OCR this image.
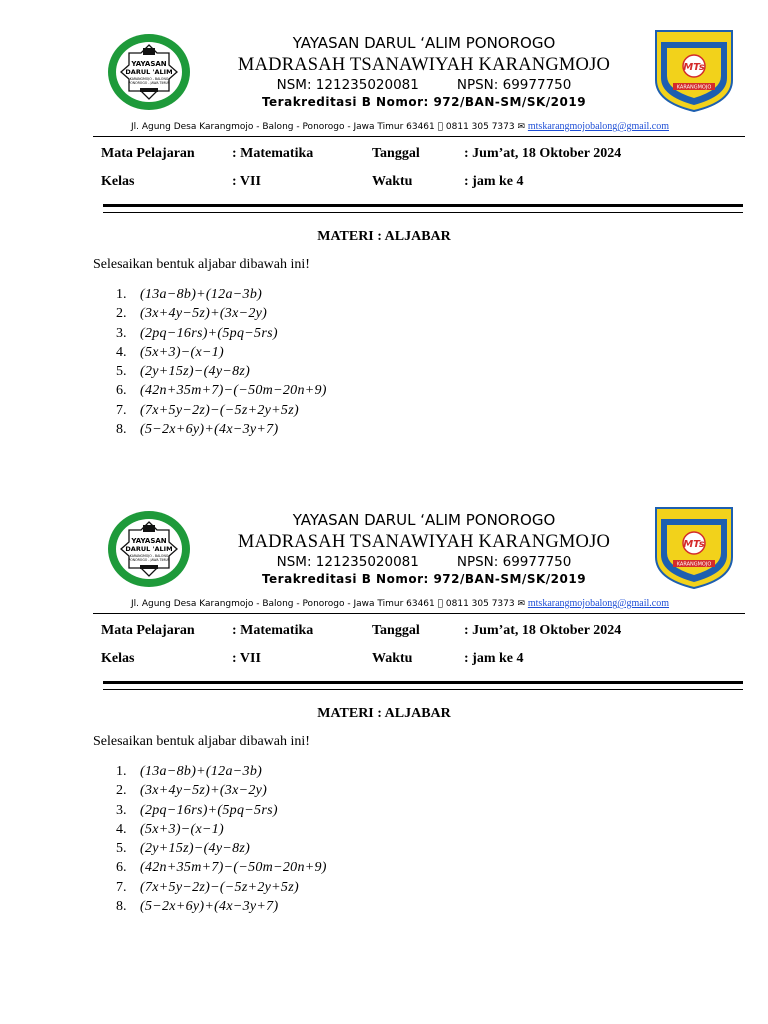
YAYASAN
DARUL 'ALIM
KARANGMOJO - BALONG
PONOROGO - JAWA TIMUR
YAYASAN DARUL ‘ALIM PONOROGO
MADRASAH TSANAWIYAH KARANGMOJO
NSM: 121235020081	NPSN: 69977750
Terakreditasi B Nomor: 972/BAN-SM/SK/2019
MTs
KARANGMOJO
Jl. Agung Desa Karangmojo - Balong - Ponorogo - Jawa Timur 63461   0811 305 7373 ✉ mtskarangmojobalong@gmail.com
Mata Pelajaran	: Matematika	Tanggal	: Jum’at, 18 Oktober 2024
Kelas	: VII	Waktu	: jam ke 4
MATERI : ALJABAR
Selesaikan bentuk aljabar dibawah ini!
1. (13a−8b)+(12a−3b)
2. (3x+4y−5z)+(3x−2y)
3. (2pq−16rs)+(5pq−5rs)
4. (5x+3)−(x−1)
5. (2y+15z)−(4y−8z)
6. (42n+35m+7)−(−50m−20n+9)
7. (7x+5y−2z)−(−5z+2y+5z)
8. (5−2x+6y)+(4x−3y+7)
YAYASAN
DARUL 'ALIM
KARANGMOJO - BALONG
PONOROGO - JAWA TIMUR
YAYASAN DARUL ‘ALIM PONOROGO
MADRASAH TSANAWIYAH KARANGMOJO
NSM: 121235020081	NPSN: 69977750
Terakreditasi B Nomor: 972/BAN-SM/SK/2019
MTs
KARANGMOJO
Jl. Agung Desa Karangmojo - Balong - Ponorogo - Jawa Timur 63461   0811 305 7373 ✉ mtskarangmojobalong@gmail.com
Mata Pelajaran	: Matematika	Tanggal	: Jum’at, 18 Oktober 2024
Kelas	: VII	Waktu	: jam ke 4
MATERI : ALJABAR
Selesaikan bentuk aljabar dibawah ini!
1. (13a−8b)+(12a−3b)
2. (3x+4y−5z)+(3x−2y)
3. (2pq−16rs)+(5pq−5rs)
4. (5x+3)−(x−1)
5. (2y+15z)−(4y−8z)
6. (42n+35m+7)−(−50m−20n+9)
7. (7x+5y−2z)−(−5z+2y+5z)
8. (5−2x+6y)+(4x−3y+7)
